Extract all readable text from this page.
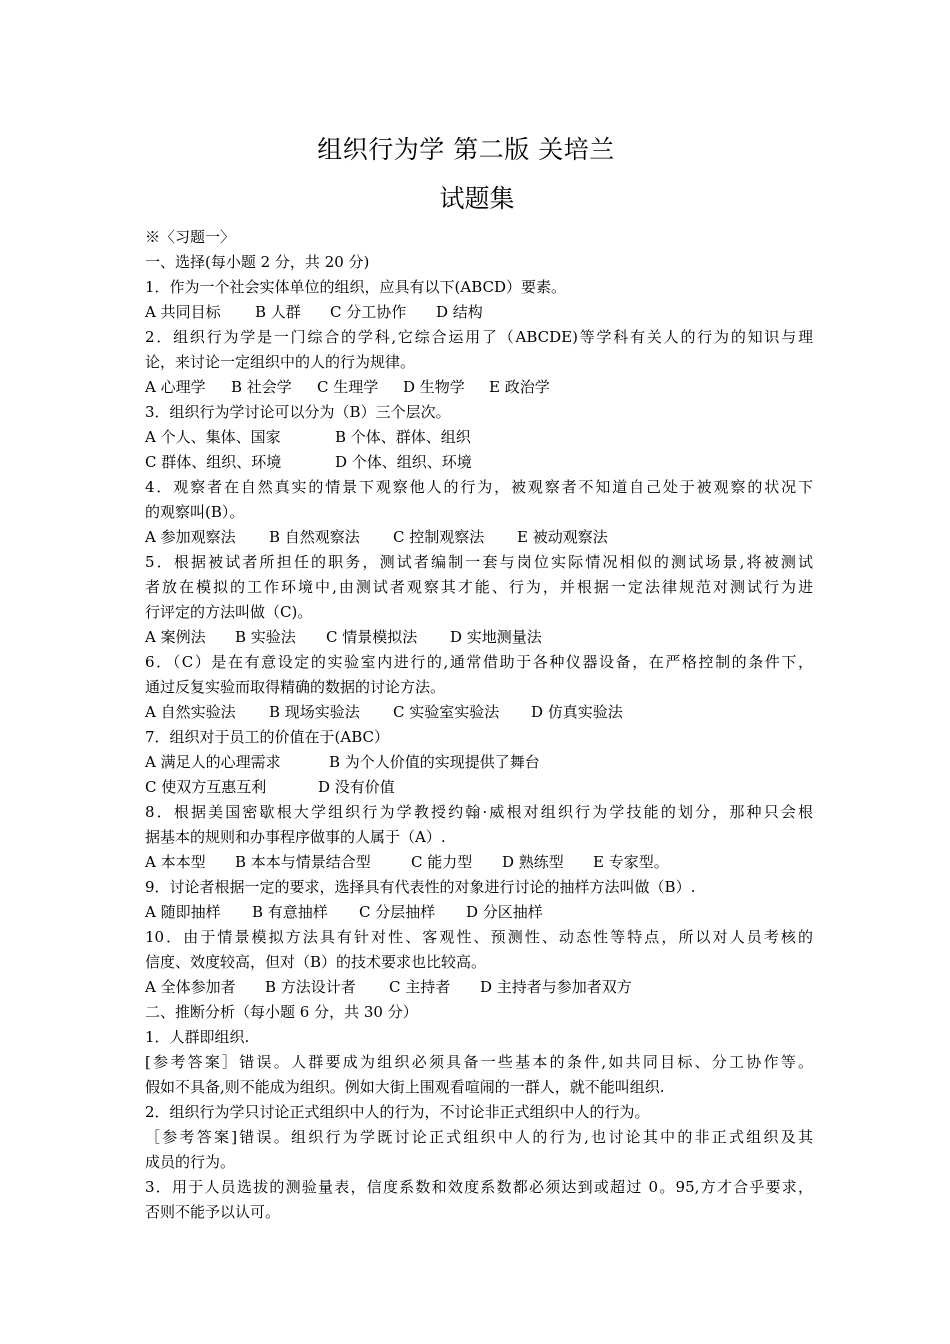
组织行为学 第二版 关培兰
试题集
※〈习题一〉
一、选择(每小题 2 分，共 20 分)
1．作为一个社会实体单位的组织，应具有以下(ABCD）要素。
A 共同目标 B 人群 C 分工协作 D 结构
2．组织行为学是一门综合的学科,它综合运用了（ABCDE)等学科有关人的行为的知识与理
论，来讨论一定组织中的人的行为规律。
A 心理学 B 社会学 C 生理学 D 生物学 E 政治学
3．组织行为学讨论可以分为（B）三个层次。
A 个人、集体、国家	B 个体、群体、组织
C 群体、组织、环境	D 个体、组织、环境
4．观察者在自然真实的情景下观察他人的行为，被观察者不知道自己处于被观察的状况下
的观察叫(B）。
A 参加观察法 B 自然观察法 C 控制观察法 E 被动观察法
5．根据被试者所担任的职务，测试者编制一套与岗位实际情况相似的测试场景,将被测试
者放在模拟的工作环境中,由测试者观察其才能、行为，并根据一定法律规范对测试行为进
行评定的方法叫做（C)。
A 案例法 B 实验法 C 情景模拟法 D 实地测量法
6．（C）是在有意设定的实验室内进行的,通常借助于各种仪器设备，在严格控制的条件下，
通过反复实验而取得精确的数据的讨论方法。
A 自然实验法 B 现场实验法 C 实验室实验法 D 仿真实验法
7．组织对于员工的价值在于(ABC）
A 满足人的心理需求	B 为个人价值的实现提供了舞台
C 使双方互惠互利	D 没有价值
8．根据美国密歇根大学组织行为学教授约翰·威根对组织行为学技能的划分，那种只会根
据基本的规则和办事程序做事的人属于（A）.
A 本本型 B 本本与情景结合型	C 能力型 D 熟练型 E 专家型。
9．讨论者根据一定的要求，选择具有代表性的对象进行讨论的抽样方法叫做（B）.
A 随即抽样 B 有意抽样 C 分层抽样 D 分区抽样
10．由于情景模拟方法具有针对性、客观性、预测性、动态性等特点，所以对人员考核的
信度、效度较高，但对（B）的技术要求也比较高。
A 全体参加者 B 方法设计者 C 主持者 D 主持者与参加者双方
二、推断分析（每小题 6 分，共 30 分）
1．人群即组织.
[参考答案］错误。人群要成为组织必须具备一些基本的条件,如共同目标、分工协作等。
假如不具备,则不能成为组织。例如大街上围观看喧闹的一群人，就不能叫组织.
2．组织行为学只讨论正式组织中人的行为，不讨论非正式组织中人的行为。
［参考答案]错误。组织行为学既讨论正式组织中人的行为,也讨论其中的非正式组织及其
成员的行为。
3．用于人员选拔的测验量表，信度系数和效度系数都必须达到或超过 0。95,方才合乎要求，
否则不能予以认可。
